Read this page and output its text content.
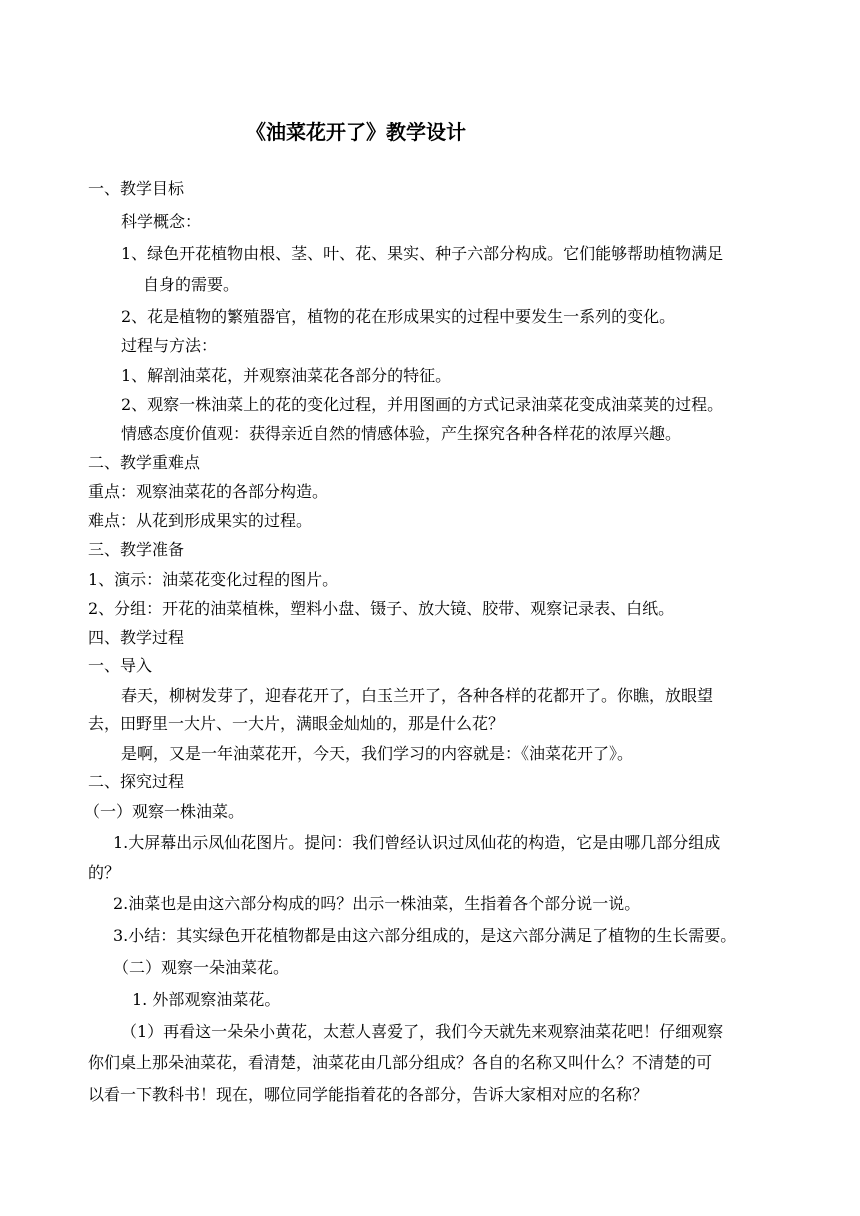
《油菜花开了》教学设计
一、教学目标
科学概念：
1、绿色开花植物由根、茎、叶、花、果实、种子六部分构成。它们能够帮助植物满足
自身的需要。
2、花是植物的繁殖器官，植物的花在形成果实的过程中要发生一系列的变化。
过程与方法：
1、解剖油菜花，并观察油菜花各部分的特征。
2、观察一株油菜上的花的变化过程，并用图画的方式记录油菜花变成油菜荚的过程。
情感态度价值观：获得亲近自然的情感体验，产生探究各种各样花的浓厚兴趣。
二、教学重难点
重点：观察油菜花的各部分构造。
难点：从花到形成果实的过程。
三、教学准备
1、演示：油菜花变化过程的图片。
2、分组：开花的油菜植株，塑料小盘、镊子、放大镜、胶带、观察记录表、白纸。
四、教学过程
一、导入
春天，柳树发芽了，迎春花开了，白玉兰开了，各种各样的花都开了。你瞧，放眼望
去，田野里一大片、一大片，满眼金灿灿的，那是什么花？
是啊，又是一年油菜花开，今天，我们学习的内容就是：《油菜花开了》。
二、探究过程
（一）观察一株油菜。
1.大屏幕出示凤仙花图片。提问：我们曾经认识过凤仙花的构造，它是由哪几部分组成
的？
2.油菜也是由这六部分构成的吗？出示一株油菜，生指着各个部分说一说。
3.小结：其实绿色开花植物都是由这六部分组成的，是这六部分满足了植物的生长需要。
（二）观察一朵油菜花。
1. 外部观察油菜花。
（1）再看这一朵朵小黄花，太惹人喜爱了，我们今天就先来观察油菜花吧！仔细观察
你们桌上那朵油菜花，看清楚，油菜花由几部分组成？各自的名称又叫什么？不清楚的可
以看一下教科书！现在，哪位同学能指着花的各部分，告诉大家相对应的名称？
